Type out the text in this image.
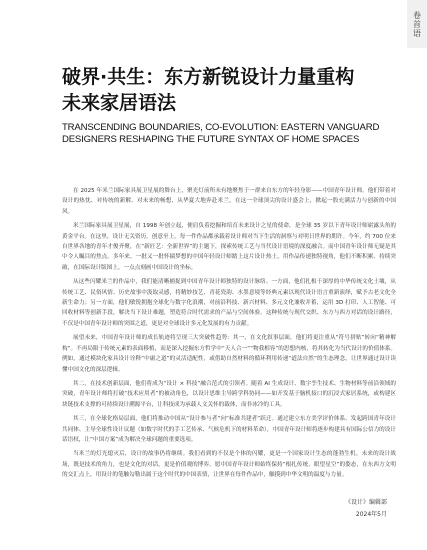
卷首语
破界·共生：东方新锐设计力量重构
未来家居语法
TRANSCENDING BOUNDARIES, CO-EVOLUTION: EASTERN VANGUARD
DESIGNERS RESHAPING THE FUTURE SYNTAX OF HOME SPACES

在 2025 年米兰国际家具展卫星展的舞台上，聚光灯前所未有地聚焦于一群来自东方的年轻身影——中国青年设计师。他们带着对设计的热忱、对传统的新解、对未来的畅想，从华夏大地奔赴米兰，在这一全球顶尖的设计盛会上，掀起一股充满活力与创新的中国风。

米兰国际家具展卫星展，自 1998 年创立起，便肩负着挖掘和培育未来设计之星的使命，是全球 35 岁以下青年设计师崭露头角的黄金平台。在这里，设计无关资历，创意至上。每一件作品都承载着设计师对当下生活的洞察与对明日世界的期许。今年，约 700 位来自世界各地的青年才俊齐聚，在“新匠艺：全新世界”的主题下，探索传统工艺与当代设计语境的深度融合。而中国青年设计师无疑是其中令人瞩目的焦点。多年来，一批又一批怀揣梦想的中国年轻设计师踏上这片设计热土，用作品传递独特视角，他们不断积累、持续突破，在国际设计版图上，一点点刻画中国设计的坐标。

从这些闪耀米兰的作品中，我们能清晰捕捉到中国青年设计师独特的设计脉络。一方面，他们扎根于深厚的中华传统文化土壤，从传统工艺、民俗风情、历史故事中汲取灵感，将精妙技艺、青花瓷韵、水墨意境等经典元素以现代设计语言重新演绎，赋予古老文化全新生命力；另一方面，他们敏锐拥抱全球化与数字化浪潮，对前沿科技、新兴材料、多元文化兼收并蓄，运用 3D 打印、人工智能、可回收材料等创新手段，解决当下设计难题，塑造符合时代需求的产品与空间体验。这种传统与现代交织、东方与西方对话的设计路径，不仅是中国青年设计师的突围之道，更是对全球设计多元化发展的有力贡献。

展望未来，中国青年设计师的成长轨迹将呈现三大突破性趋势：其一，在文化叙事层面，他们将更注重从“符号拼贴”转向“精神解构”。不再局限于传统元素的表面移植，而是深入挖掘东方哲学中“天人合一”“物我相容”的思想内核，将其转化为当代设计的价值体系。例如，通过模块化家具设计诠释“中庸之道”的灵活适配性，或借助自然材料的循环利用传递“道法自然”的生态理念，让世界通过设计读懂中国文化的深层逻辑。

其二，在技术创新层面，他们将成为“设计 × 科技”融合范式的引领者。随着 AI 生成设计、数字孪生技术、生物材料等前沿领域的突破，青年设计师将打破“技术应用者”的被动角色，以设计思维主导跨学科协同——如开发基于脑机接口的沉浸式家居系统，或构建区块链技术支撑的可持续设计溯源平台，让科技成为承载人文关怀的载体，而非冰冷的工具。

其三，在全球化格局层面，他们将推动中国从“设计参与者”向“标准共建者”跃迁。通过建立东方美学评价体系、发起跨国青年设计共同体、主导全球性设计议题（如数字时代的手工艺传承、气候危机下的材料革命），中国青年设计师将逐步构建具有国际公信力的设计话语权，让“中国方案”成为解决全球问题的重要选项。

当米兰的灯光熄灭后，设计的故事仍将继续。我们看到的不仅是个体的闪耀，更是一个国家设计生态的蓬勃生机。未来的设计战场，既是技术的角力，也是文化的对话，更是价值观的博弈。愿中国青年设计师始终保持“根扎传统、眼望星空”的姿态，在东西方文明的交汇点上，用设计的笔触勾勒出属于这个时代的中国表情，让世界在每件作品中，触摸到中华文明的温度与力量。

《设计》编辑部
2024年5月
